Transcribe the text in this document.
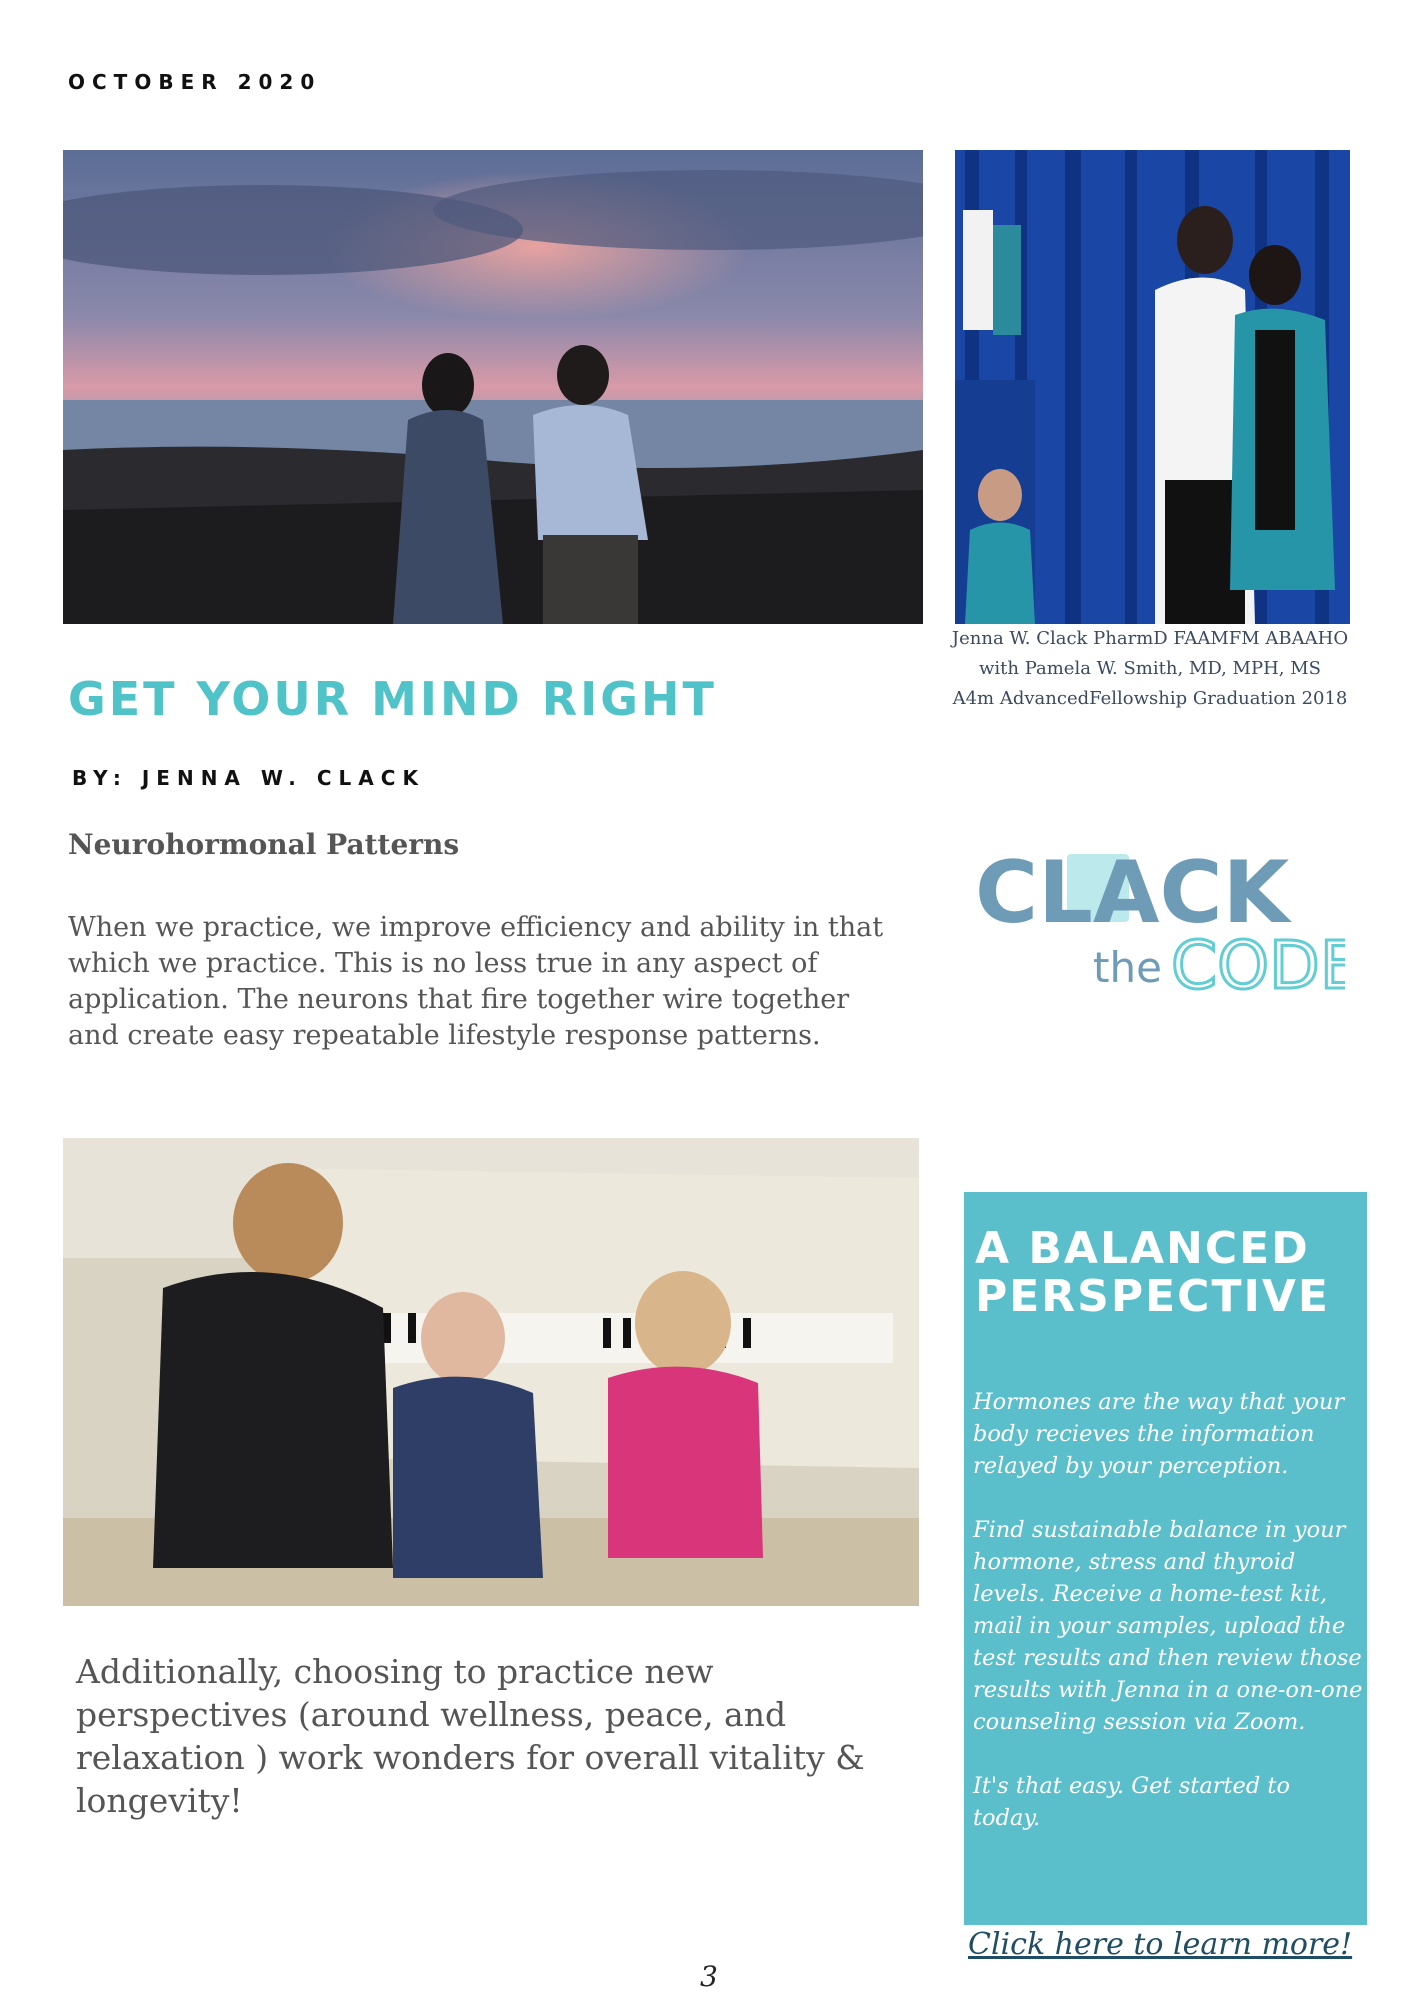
OCTOBER 2020
Jenna W. Clack PharmD FAAMFM ABAAHO
with Pamela W. Smith, MD, MPH, MS
A4m AdvancedFellowship Graduation 2018
GET YOUR MIND RIGHT
BY: JENNA W. CLACK
Neurohormonal Patterns
When we practice, we improve efficiency and ability in that which we practice. This is no less true in any aspect of application. The neurons that fire together wire together and create easy repeatable lifestyle response patterns.
CLACK
the CODE
Additionally, choosing to practice new perspectives (around wellness, peace, and relaxation ) work wonders for overall vitality & longevity!
A BALANCED
PERSPECTIVE
Hormones are the way that your body recieves the information relayed by your perception.
Find sustainable balance in your hormone, stress and thyroid levels. Receive a home-test kit, mail in your samples, upload the test results and then review those results with Jenna in a one-on-one counseling session via Zoom.
It's that easy. Get started to today.
Click here to learn more!
3
